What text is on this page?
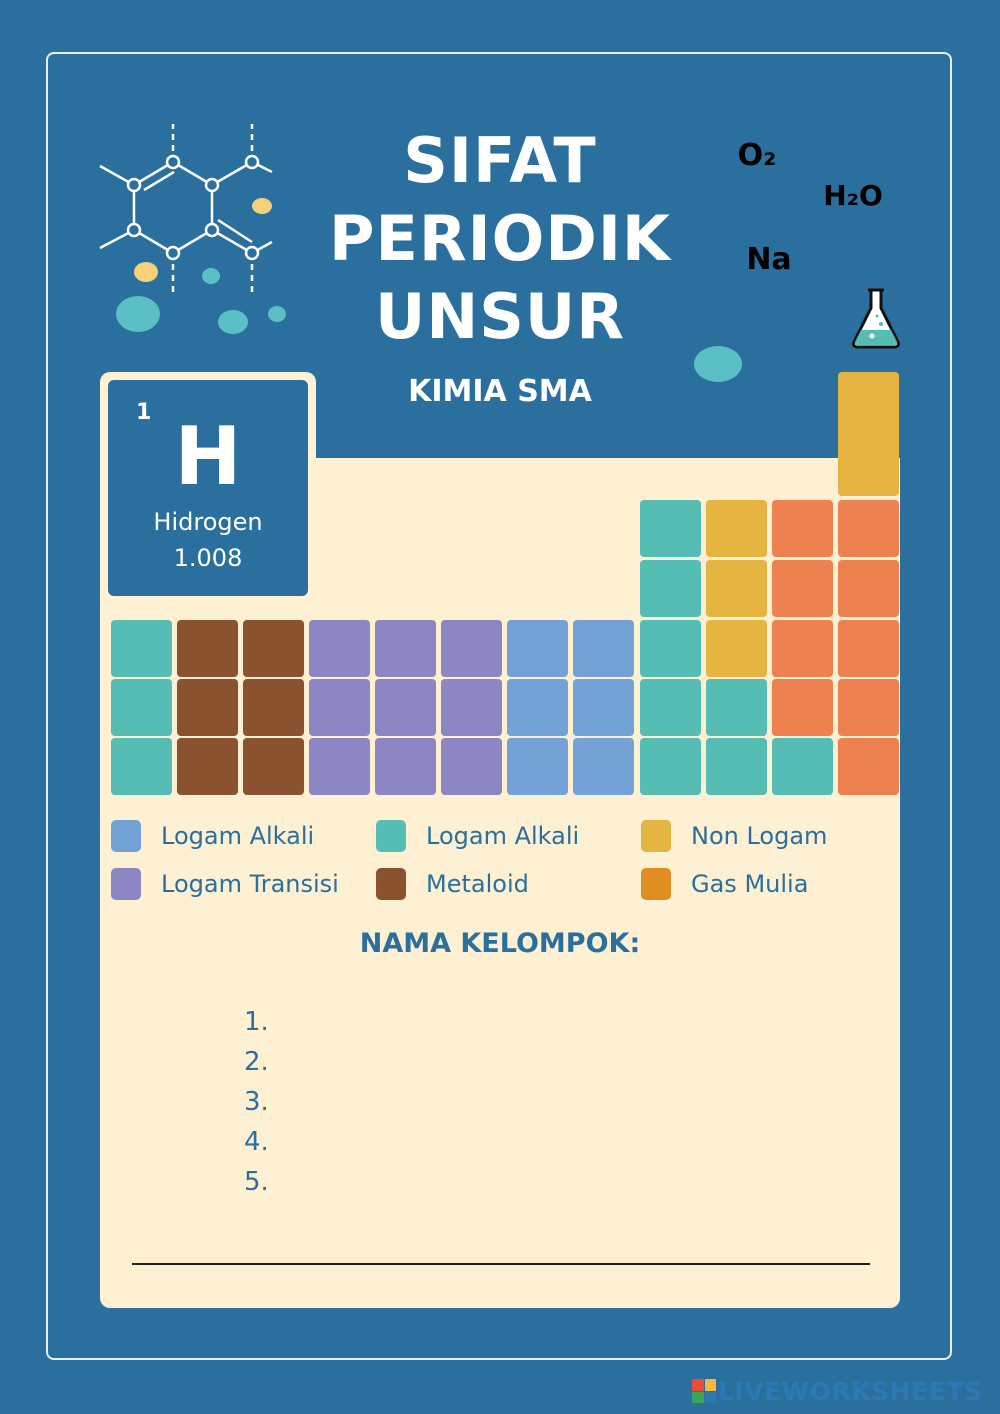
SIFAT
PERIODIK
UNSUR
KIMIA SMA
O₂
H₂O
Na
1 H
Hidrogen
1.008
Logam Alkali	Logam Alkali	Non Logam
Logam Transisi	Metaloid	Gas Mulia
NAMA KELOMPOK:
1.
2.
3.
4.
5.
LIVEWORKSHEETS
